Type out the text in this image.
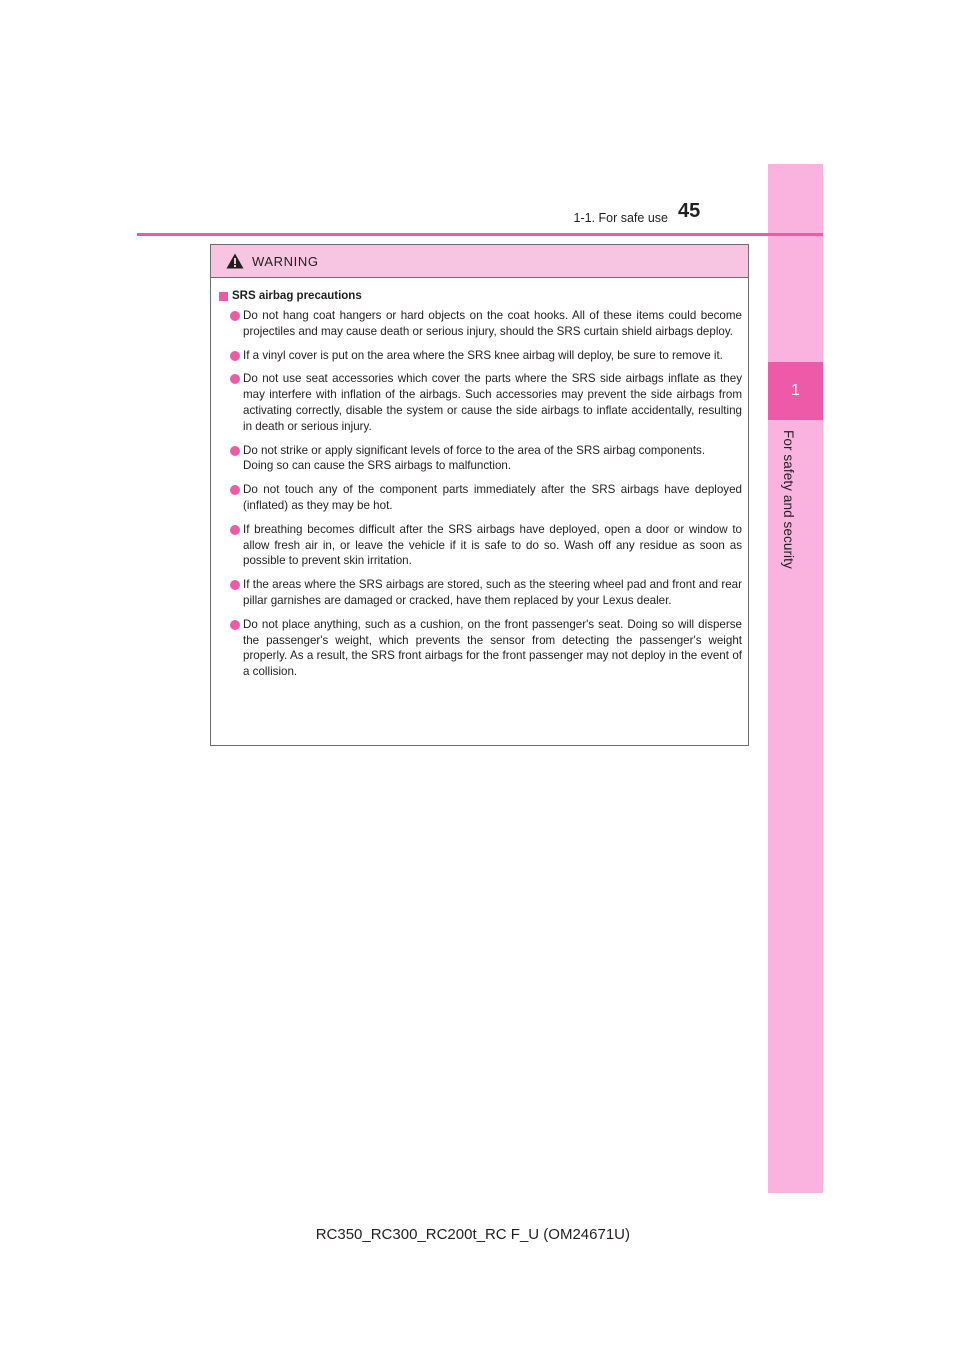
1
For safety and security
1-1. For safe use 45
WARNING
SRS airbag precautions
Do not hang coat hangers or hard objects on the coat hooks. All of these items could become projectiles and may cause death or serious injury, should the SRS curtain shield airbags deploy.
If a vinyl cover is put on the area where the SRS knee airbag will deploy, be sure to remove it.
Do not use seat accessories which cover the parts where the SRS side airbags inflate as they may interfere with inflation of the airbags. Such accessories may prevent the side airbags from activating correctly, disable the system or cause the side airbags to inflate accidentally, resulting in death or serious injury.
Do not strike or apply significant levels of force to the area of the SRS airbag components.
Doing so can cause the SRS airbags to malfunction.
Do not touch any of the component parts immediately after the SRS airbags have deployed (inflated) as they may be hot.
If breathing becomes difficult after the SRS airbags have deployed, open a door or window to allow fresh air in, or leave the vehicle if it is safe to do so. Wash off any residue as soon as possible to prevent skin irritation.
If the areas where the SRS airbags are stored, such as the steering wheel pad and front and rear pillar garnishes are damaged or cracked, have them replaced by your Lexus dealer.
Do not place anything, such as a cushion, on the front passenger's seat. Doing so will disperse the passenger's weight, which prevents the sensor from detecting the passenger's weight properly. As a result, the SRS front airbags for the front passenger may not deploy in the event of a collision.
RC350_RC300_RC200t_RC F_U (OM24671U)
